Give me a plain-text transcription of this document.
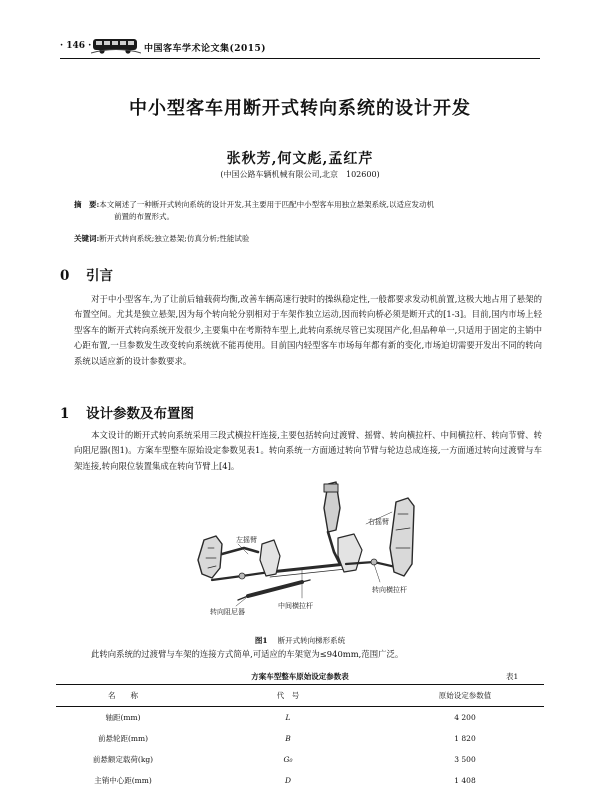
· 146 ·	中国客车学术论文集(2015)
中小型客车用断开式转向系统的设计开发
张秋芳,何文彪,孟红芹
(中国公路车辆机械有限公司,北京　102600)
摘　要:本文阐述了一种断开式转向系统的设计开发,其主要用于匹配中小型客车用独立悬架系统,以适应发动机
前置的布置形式。
关键词:断开式转向系统;独立悬架;仿真分析;性能试验
0 引言
对于中小型客车,为了让前后轴载荷均衡,改善车辆高速行驶时的操纵稳定性,一般都要求发动机前置,这极大地占用了悬架的布置空间。尤其是独立悬架,因为每个转向轮分别相对于车架作独立运动,因而转向桥必须是断开式的[1-3]。目前,国内市场上轻型客车的断开式转向系统开发很少,主要集中在考斯特车型上,此转向系统尽管已实现国产化,但品种单一,只适用于固定的主销中心距布置,一旦参数发生改变转向系统就不能再使用。目前国内轻型客车市场每年都有新的变化,市场迫切需要开发出不同的转向系统以适应新的设计参数要求。
1 设计参数及布置图
本文设计的断开式转向系统采用三段式横拉杆连接,主要包括转向过渡臂、摇臂、转向横拉杆、中间横拉杆、转向节臂、转向阻尼器(图1)。方案车型整车原始设定参数见表1。转向系统一方面通过转向节臂与轮边总成连接,一方面通过转向过渡臂与车架连接,转向限位装置集成在转向节臂上[4]。
右摇臂
左摇臂
转向横拉杆
中间横拉杆
转向阻尼器
图1 断开式转向梯形系统
此转向系统的过渡臂与车架的连接方式简单,可适应的车架宽为≤940mm,范围广泛。
方案车型整车原始设定参数表	表1
名　　称	代　号	原始设定参数值
轴距(mm)	L	4 200
前悬轮距(mm)	B	1 820
前悬额定载荷(kg)	G₀	3 500
主销中心距(mm)	D	1 408
